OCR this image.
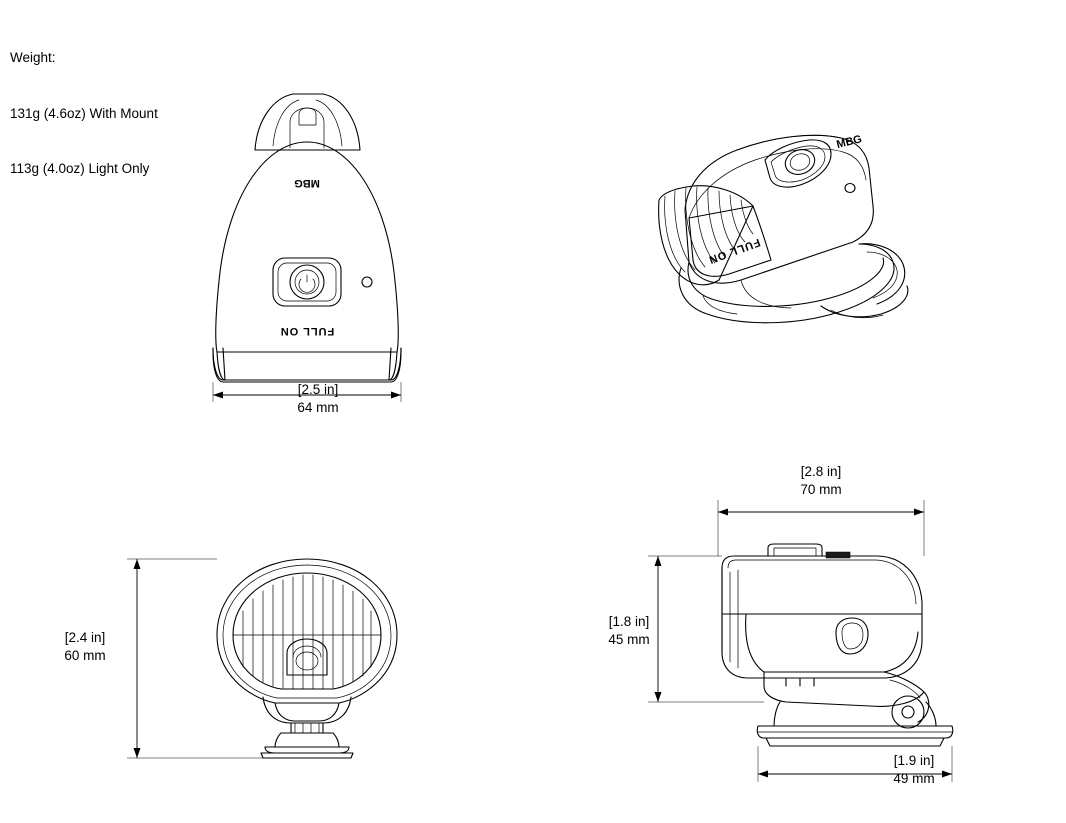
Weight:

131g (4.6oz) With Mount

113g (4.0oz) Light Only

FULL ON
MBG
[2.5 in]
64 mm
MBG
FULL ON
[2.4 in]
60 mm
[2.8 in]
70 mm
[1.8 in]
45 mm
[1.9 in]
49 mm
